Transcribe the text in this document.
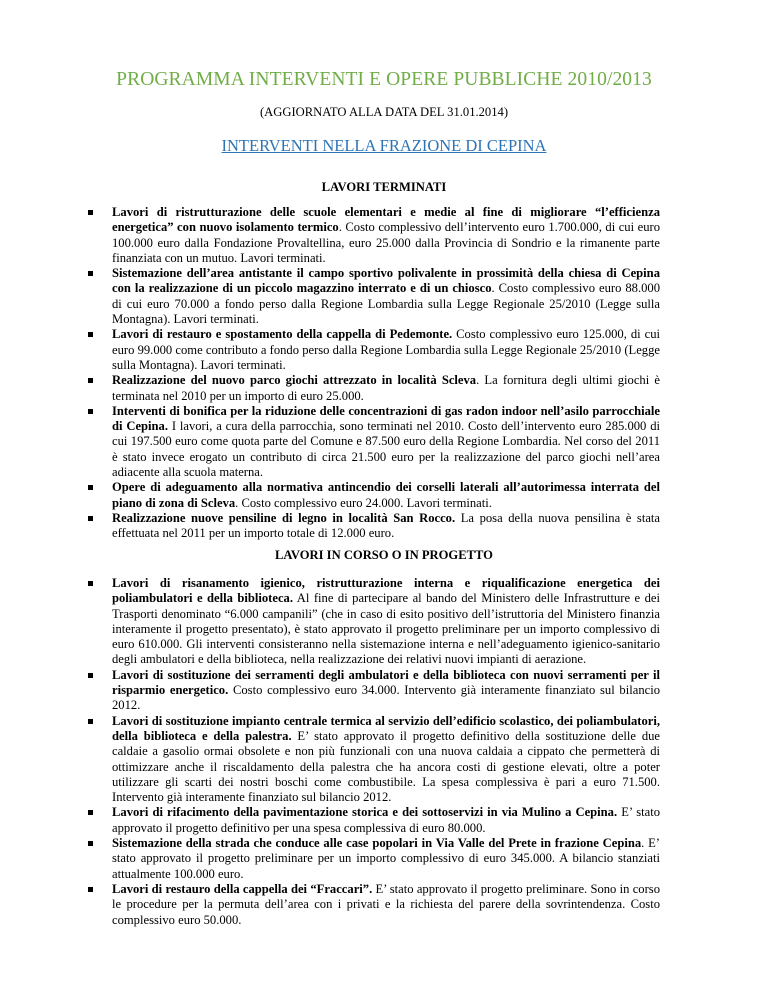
PROGRAMMA INTERVENTI E OPERE PUBBLICHE 2010/2013
(AGGIORNATO ALLA DATA DEL 31.01.2014)
INTERVENTI NELLA FRAZIONE DI CEPINA
LAVORI TERMINATI
Lavori di ristrutturazione delle scuole elementari e medie al fine di migliorare “l’efficienza energetica” con nuovo isolamento termico. Costo complessivo dell’intervento euro 1.700.000, di cui euro 100.000 euro dalla Fondazione Provaltellina, euro 25.000 dalla Provincia di Sondrio e la rimanente parte finanziata con un mutuo. Lavori terminati.
Sistemazione dell’area antistante il campo sportivo polivalente in prossimità della chiesa di Cepina con la realizzazione di un piccolo magazzino interrato e di un chiosco. Costo complessivo euro 88.000 di cui euro 70.000 a fondo perso dalla Regione Lombardia sulla Legge Regionale 25/2010 (Legge sulla Montagna). Lavori terminati.
Lavori di restauro e spostamento della cappella di Pedemonte. Costo complessivo euro 125.000, di cui euro 99.000 come contributo a fondo perso dalla Regione Lombardia sulla Legge Regionale 25/2010 (Legge sulla Montagna). Lavori terminati.
Realizzazione del nuovo parco giochi attrezzato in località Scleva. La fornitura degli ultimi giochi è terminata nel 2010 per un importo di euro 25.000.
Interventi di bonifica per la riduzione delle concentrazioni di gas radon indoor nell’asilo parrocchiale di Cepina. I lavori, a cura della parrocchia, sono terminati nel 2010. Costo dell’intervento euro 285.000 di cui 197.500 euro come quota parte del Comune e 87.500 euro della Regione Lombardia. Nel corso del 2011 è stato invece erogato un contributo di circa 21.500 euro per la realizzazione del parco giochi nell’area adiacente alla scuola materna.
Opere di adeguamento alla normativa antincendio dei corselli laterali all’autorimessa interrata del piano di zona di Scleva. Costo complessivo euro 24.000. Lavori terminati.
Realizzazione nuove pensiline di legno in località San Rocco. La posa della nuova pensilina è stata effettuata nel 2011 per un importo totale di 12.000 euro.
LAVORI IN CORSO O IN PROGETTO
Lavori di risanamento igienico, ristrutturazione interna e riqualificazione energetica dei poliambulatori e della biblioteca. Al fine di partecipare al bando del Ministero delle Infrastrutture e dei Trasporti denominato “6.000 campanili” (che in caso di esito positivo dell’istruttoria del Ministero finanzia interamente il progetto presentato), è stato approvato il progetto preliminare per un importo complessivo di euro 610.000. Gli interventi consisteranno nella sistemazione interna e nell’adeguamento igienico-sanitario degli ambulatori e della biblioteca, nella realizzazione dei relativi nuovi impianti di aerazione.
Lavori di sostituzione dei serramenti degli ambulatori e della biblioteca con nuovi serramenti per il risparmio energetico. Costo complessivo euro 34.000. Intervento già interamente finanziato sul bilancio 2012.
Lavori di sostituzione impianto centrale termica al servizio dell’edificio scolastico, dei poliambulatori, della biblioteca e della palestra. E’ stato approvato il progetto definitivo della sostituzione delle due caldaie a gasolio ormai obsolete e non più funzionali con una nuova caldaia a cippato che permetterà di ottimizzare anche il riscaldamento della palestra che ha ancora costi di gestione elevati, oltre a poter utilizzare gli scarti dei nostri boschi come combustibile. La spesa complessiva è pari a euro 71.500. Intervento già interamente finanziato sul bilancio 2012.
Lavori di rifacimento della pavimentazione storica e dei sottoservizi in via Mulino a Cepina. E’ stato approvato il progetto definitivo per una spesa complessiva di euro 80.000.
Sistemazione della strada che conduce alle case popolari in Via Valle del Prete in frazione Cepina. E’ stato approvato il progetto preliminare per un importo complessivo di euro 345.000. A bilancio stanziati attualmente 100.000 euro.
Lavori di restauro della cappella dei “Fraccari”. E’ stato approvato il progetto preliminare. Sono in corso le procedure per la permuta dell’area con i privati e la richiesta del parere della sovrintendenza. Costo complessivo euro 50.000.
